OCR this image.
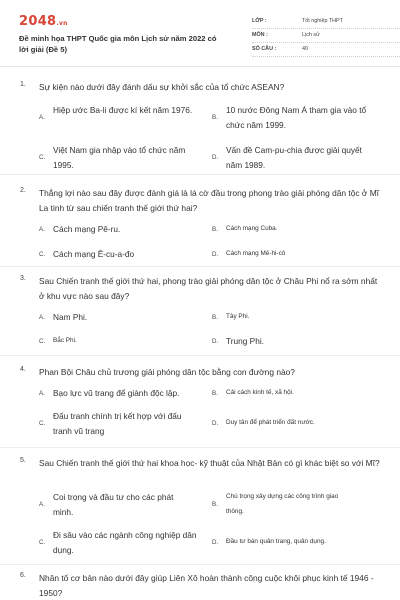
2048.vn
Đề minh họa THPT Quốc gia môn Lịch sử năm 2022 có lời giải (Đề 5)
LỚP :	Tốt nghiệp THPT
MÔN :	Lịch sử
SỐ CÂU :	40
1. Sự kiện nào dưới đây đánh dấu sự khởi sắc của tổ chức ASEAN?
A.
Hiệp ước Ba-li được kí kết năm 1976.
B.
10 nước Đông Nam Á tham gia vào tổ chức năm 1999.
C.
Việt Nam gia nhập vào tổ chức năm 1995.
D.
Vấn đề Cam-pu-chia được giải quyết năm 1989.
2. Thắng lợi nào sau đây được đánh giá là lá cờ đầu trong phong trào giải phóng dân tộc ở Mĩ La tinh từ sau chiến tranh thế giới thứ hai?
A. Cách mạng Pê-ru.	B. Cách mạng Cuba.
C. Cách mạng Ê-cu-a-đo	D. Cách mạng Mê-hi-cô
3. Sau Chiến tranh thế giới thứ hai, phong trào giải phóng dân tộc ở Châu Phi nổ ra sớm nhất ở khu vực nào sau đây?
A. Nam Phi.	B. Tây Phi.
C. Bắc Phi.	D. Trung Phi.
4. Phan Bội Châu chủ trương giải phóng dân tộc bằng con đường nào?
A. Bạo lực vũ trang để giành độc lập.	B. Cải cách kinh tế, xã hội.
C.
Đấu tranh chính trị kết hợp với đấu tranh vũ trang
D. Duy tân để phát triển đất nước.
5. Sau Chiến tranh thế giới thứ hai khoa học- kỹ thuật của Nhật Bản có gì khác biệt so với Mĩ?
A.
Coi trọng và đầu tư cho các phát minh.
B.
Chú trọng xây dựng các công trình giao thông.
C.
Đi sâu vào các ngành công nghiệp dân dụng.
D. Đầu tư bán quân trang, quân dụng.
6. Nhân tố cơ bản nào dưới đây giúp Liên Xô hoàn thành công cuộc khôi phục kinh tế 1946 - 1950?
